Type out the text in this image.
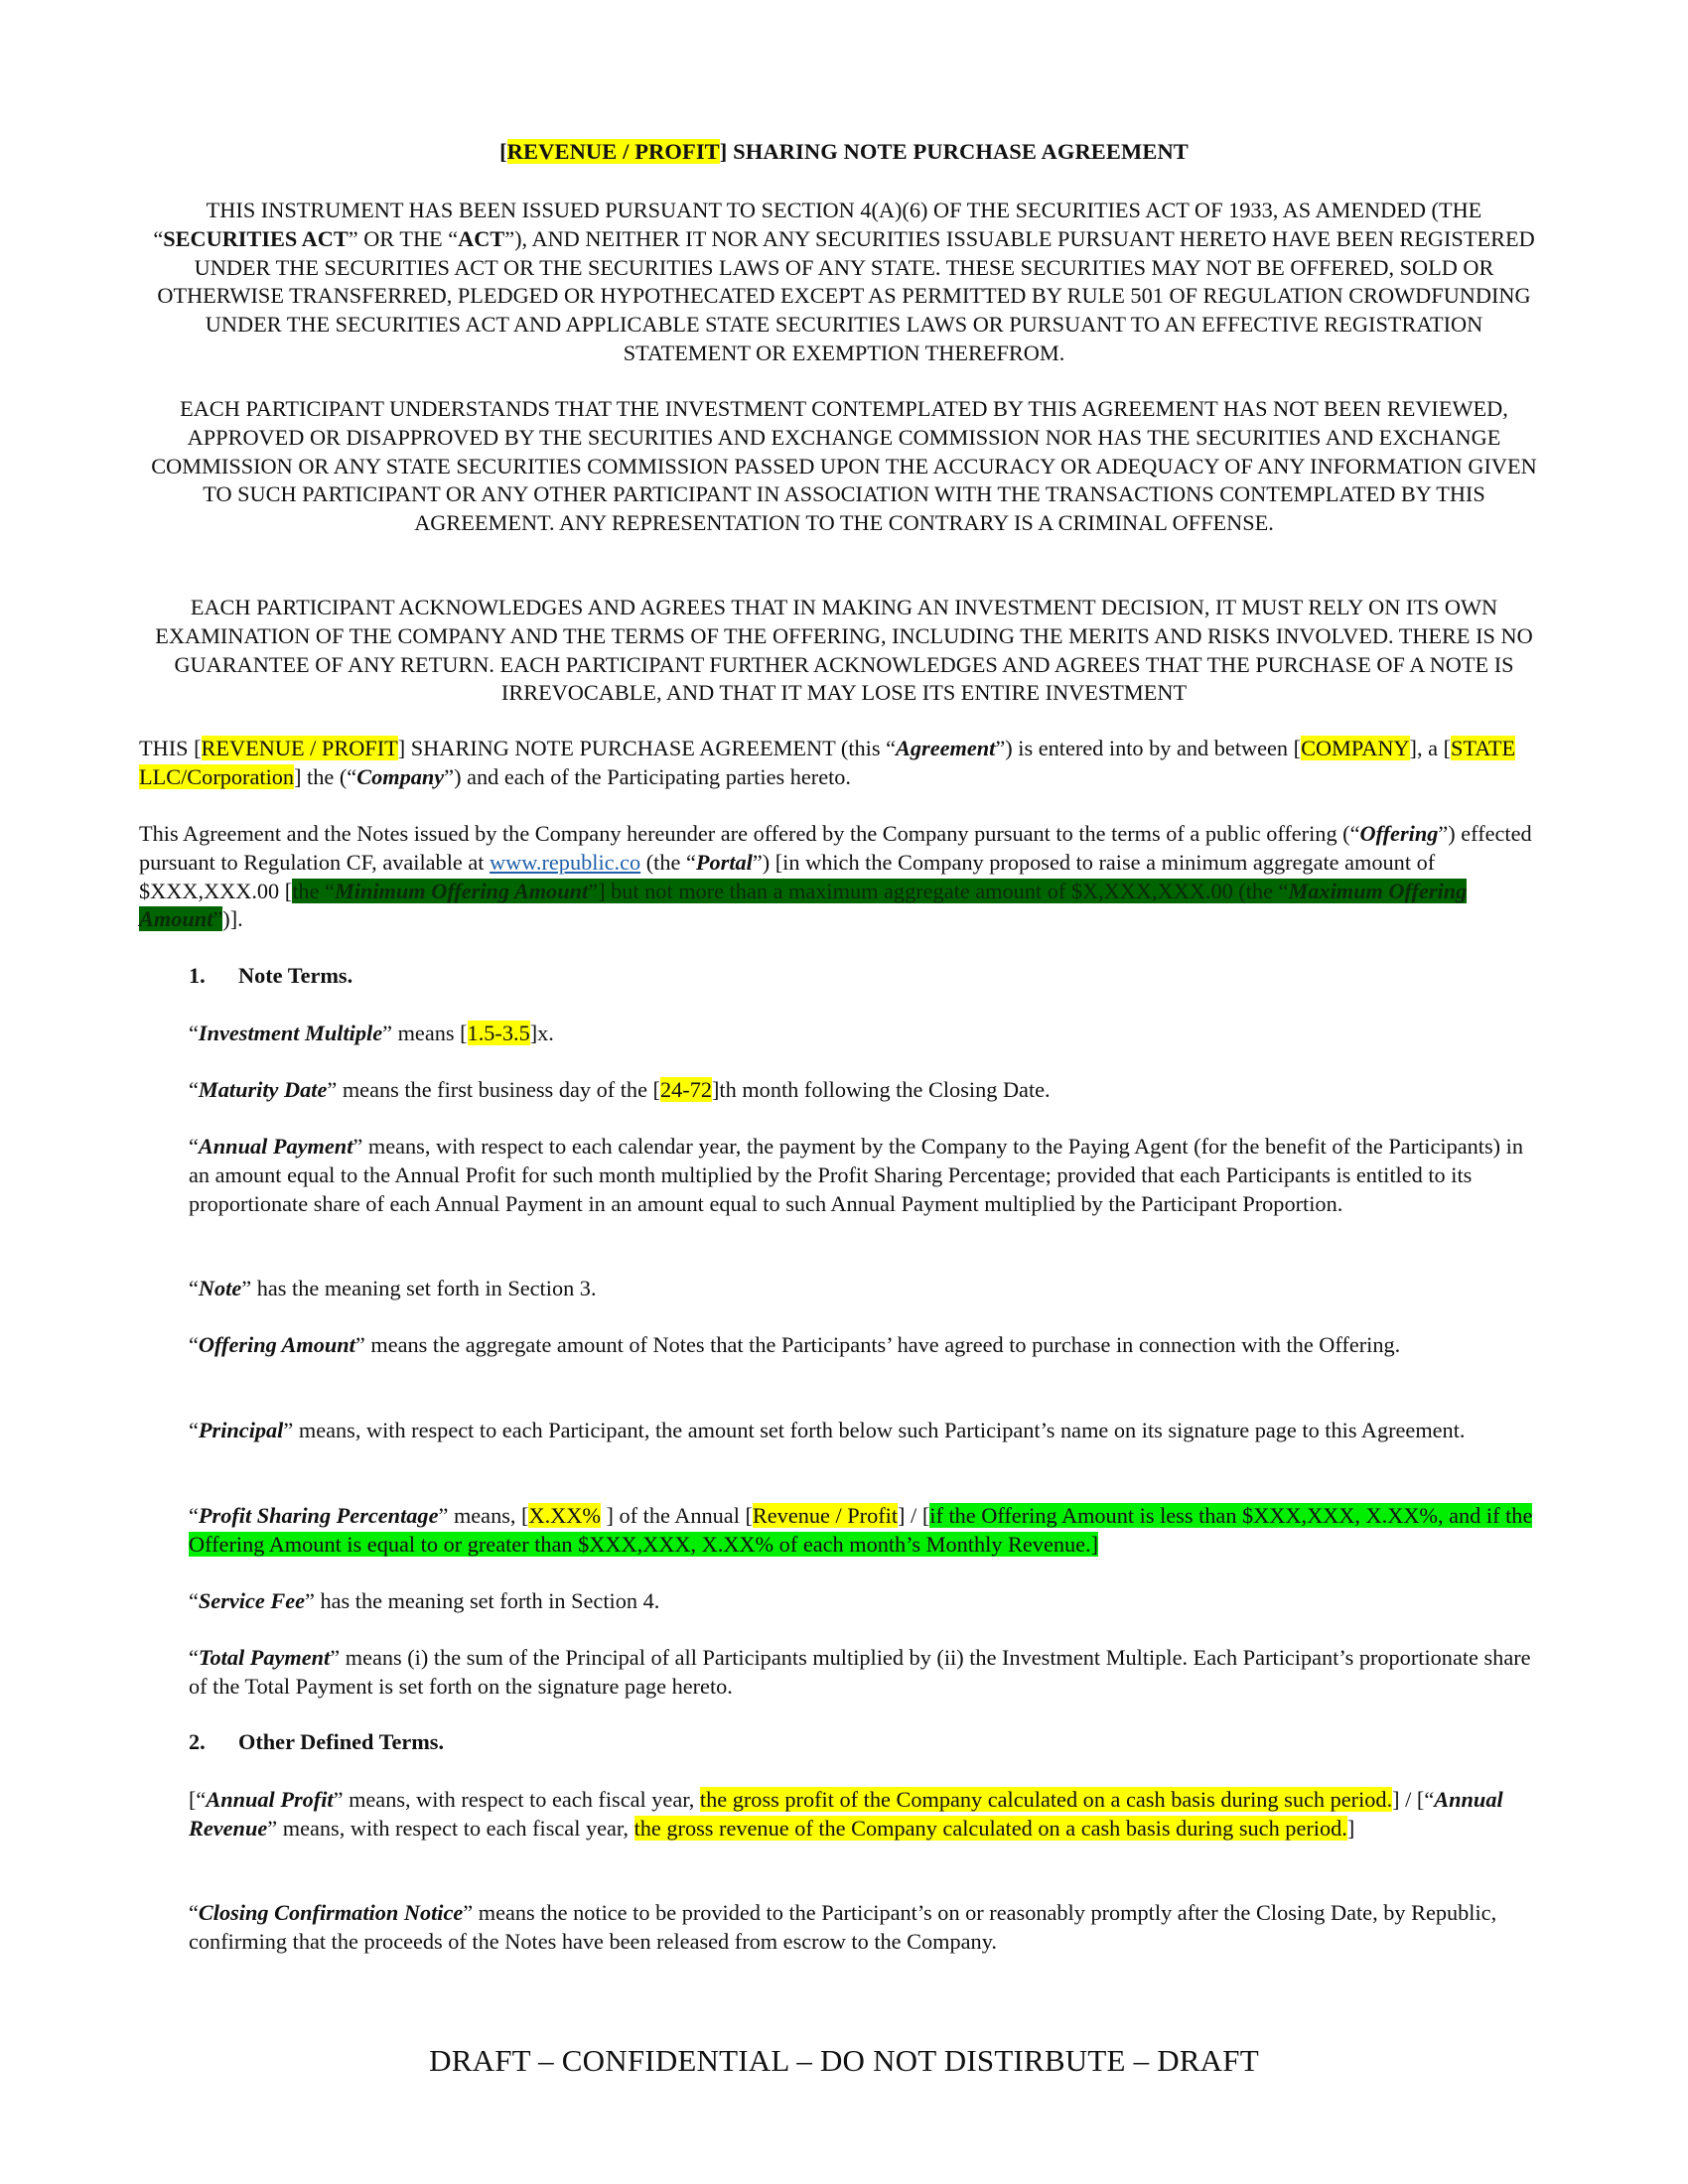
[REVENUE / PROFIT] SHARING NOTE PURCHASE AGREEMENT
THIS INSTRUMENT HAS BEEN ISSUED PURSUANT TO SECTION 4(A)(6) OF THE SECURITIES ACT OF 1933, AS AMENDED (THE “SECURITIES ACT” OR THE “ACT”), AND NEITHER IT NOR ANY SECURITIES ISSUABLE PURSUANT HERETO HAVE BEEN REGISTERED UNDER THE SECURITIES ACT OR THE SECURITIES LAWS OF ANY STATE. THESE SECURITIES MAY NOT BE OFFERED, SOLD OR OTHERWISE TRANSFERRED, PLEDGED OR HYPOTHECATED EXCEPT AS PERMITTED BY RULE 501 OF REGULATION CROWDFUNDING UNDER THE SECURITIES ACT AND APPLICABLE STATE SECURITIES LAWS OR PURSUANT TO AN EFFECTIVE REGISTRATION STATEMENT OR EXEMPTION THEREFROM.
EACH PARTICIPANT UNDERSTANDS THAT THE INVESTMENT CONTEMPLATED BY THIS AGREEMENT HAS NOT BEEN REVIEWED, APPROVED OR DISAPPROVED BY THE SECURITIES AND EXCHANGE COMMISSION NOR HAS THE SECURITIES AND EXCHANGE COMMISSION OR ANY STATE SECURITIES COMMISSION PASSED UPON THE ACCURACY OR ADEQUACY OF ANY INFORMATION GIVEN TO SUCH PARTICIPANT OR ANY OTHER PARTICIPANT IN ASSOCIATION WITH THE TRANSACTIONS CONTEMPLATED BY THIS AGREEMENT. ANY REPRESENTATION TO THE CONTRARY IS A CRIMINAL OFFENSE.
EACH PARTICIPANT ACKNOWLEDGES AND AGREES THAT IN MAKING AN INVESTMENT DECISION, IT MUST RELY ON ITS OWN EXAMINATION OF THE COMPANY AND THE TERMS OF THE OFFERING, INCLUDING THE MERITS AND RISKS INVOLVED. THERE IS NO GUARANTEE OF ANY RETURN. EACH PARTICIPANT FURTHER ACKNOWLEDGES AND AGREES THAT THE PURCHASE OF A NOTE IS IRREVOCABLE, AND THAT IT MAY LOSE ITS ENTIRE INVESTMENT
THIS [REVENUE / PROFIT] SHARING NOTE PURCHASE AGREEMENT (this “Agreement”) is entered into by and between [COMPANY], a [STATE LLC/Corporation] the (“Company”) and each of the Participating parties hereto.
This Agreement and the Notes issued by the Company hereunder are offered by the Company pursuant to the terms of a public offering (“Offering”) effected pursuant to Regulation CF, available at www.republic.co (the “Portal”) [in which the Company proposed to raise a minimum aggregate amount of $XXX,XXX.00 [the “Minimum Offering Amount”] but not more than a maximum aggregate amount of $X,XXX,XXX.00 (the “Maximum Offering Amount”)].
1. Note Terms.
“Investment Multiple” means [1.5-3.5]x.
“Maturity Date” means the first business day of the [24-72]th month following the Closing Date.
“Annual Payment” means, with respect to each calendar year, the payment by the Company to the Paying Agent (for the benefit of the Participants) in an amount equal to the Annual Profit for such month multiplied by the Profit Sharing Percentage; provided that each Participants is entitled to its proportionate share of each Annual Payment in an amount equal to such Annual Payment multiplied by the Participant Proportion.
“Note” has the meaning set forth in Section 3.
“Offering Amount” means the aggregate amount of Notes that the Participants’ have agreed to purchase in connection with the Offering.
“Principal” means, with respect to each Participant, the amount set forth below such Participant’s name on its signature page to this Agreement.
“Profit Sharing Percentage” means, [X.XX% ] of the Annual [Revenue / Profit] / [if the Offering Amount is less than $XXX,XXX, X.XX%, and if the Offering Amount is equal to or greater than $XXX,XXX, X.XX% of each month’s Monthly Revenue.]
“Service Fee” has the meaning set forth in Section 4.
“Total Payment” means (i) the sum of the Principal of all Participants multiplied by (ii) the Investment Multiple. Each Participant’s proportionate share of the Total Payment is set forth on the signature page hereto.
2. Other Defined Terms.
[“Annual Profit” means, with respect to each fiscal year, the gross profit of the Company calculated on a cash basis during such period.] / [“Annual Revenue” means, with respect to each fiscal year, the gross revenue of the Company calculated on a cash basis during such period.]
“Closing Confirmation Notice” means the notice to be provided to the Participant’s on or reasonably promptly after the Closing Date, by Republic, confirming that the proceeds of the Notes have been released from escrow to the Company.
DRAFT – CONFIDENTIAL – DO NOT DISTIRBUTE – DRAFT
